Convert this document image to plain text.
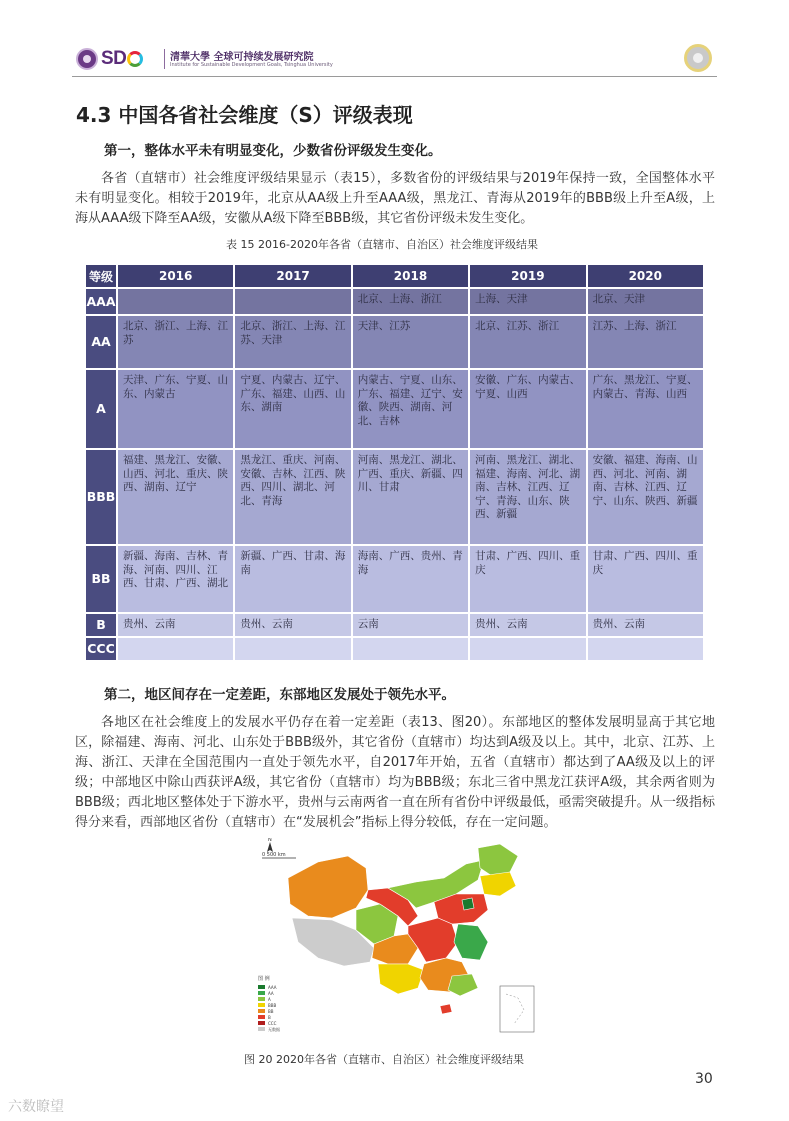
SD	清華大學 全球可持续发展研究院
Institute for Sustainable Development Goals, Tsinghua University
4.3 中国各省社会维度（S）评级表现
第一，整体水平未有明显变化，少数省份评级发生变化。

各省（直辖市）社会维度评级结果显示（表15），多数省份的评级结果与2019年保持一致，全国整体水平未有明显变化。相较于2019年，北京从AA级上升至AAA级，黑龙江、青海从2019年的BBB级上升至A级，上海从AAA级下降至AA级，安徽从A级下降至BBB级，其它省份评级未发生变化。

表 15 2016-2020年各省（直辖市、自治区）社会维度评级结果
等级	2016	2017	2018	2019	2020
AAA			北京、上海、浙江	上海、天津	北京、天津
AA	北京、浙江、上海、江苏	北京、浙江、上海、江苏、天津	天津、江苏	北京、江苏、浙江	江苏、上海、浙江
A	天津、广东、宁夏、山东、内蒙古	宁夏、内蒙古、辽宁、广东、福建、山西、山东、湖南	内蒙古、宁夏、山东、广东、福建、辽宁、安徽、陕西、湖南、河北、吉林	安徽、广东、内蒙古、宁夏、山西	广东、黑龙江、宁夏、内蒙古、青海、山西
BBB	福建、黑龙江、安徽、山西、河北、重庆、陕西、湖南、辽宁	黑龙江、重庆、河南、安徽、吉林、江西、陕西、四川、湖北、河北、青海	河南、黑龙江、湖北、广西、重庆、新疆、四川、甘肃	河南、黑龙江、湖北、福建、海南、河北、湖南、吉林、江西、辽宁、青海、山东、陕西、新疆	安徽、福建、海南、山西、河北、河南、湖南、吉林、江西、辽宁、山东、陕西、新疆
BB	新疆、海南、吉林、青海、河南、四川、江西、甘肃、广西、湖北	新疆、广西、甘肃、海南	海南、广西、贵州、青海	甘肃、广西、四川、重庆	甘肃、广西、四川、重庆
B	贵州、云南	贵州、云南	云南	贵州、云南	贵州、云南
CCC					
第二，地区间存在一定差距，东部地区发展处于领先水平。

各地区在社会维度上的发展水平仍存在着一定差距（表13、图20）。东部地区的整体发展明显高于其它地区，除福建、海南、河北、山东处于BBB级外，其它省份（直辖市）均达到A级及以上。其中，北京、江苏、上海、浙江、天津在全国范围内一直处于领先水平，自2017年开始，五省（直辖市）都达到了AA级及以上的评级；中部地区中除山西获评A级，其它省份（直辖市）均为BBB级；东北三省中黑龙江获评A级，其余两省则为BBB级；西北地区整体处于下游水平，贵州与云南两省一直在所有省份中评级最低，亟需突破提升。从一级指标得分来看，西部地区省份（直辖市）在“发展机会”指标上得分较低，存在一定问题。

N
0 500 km
图 例
AAA
AA
A
BBB
BB
B
CCC
无数据
图 20 2020年各省（直辖市、自治区）社会维度评级结果
30
六数瞭望
